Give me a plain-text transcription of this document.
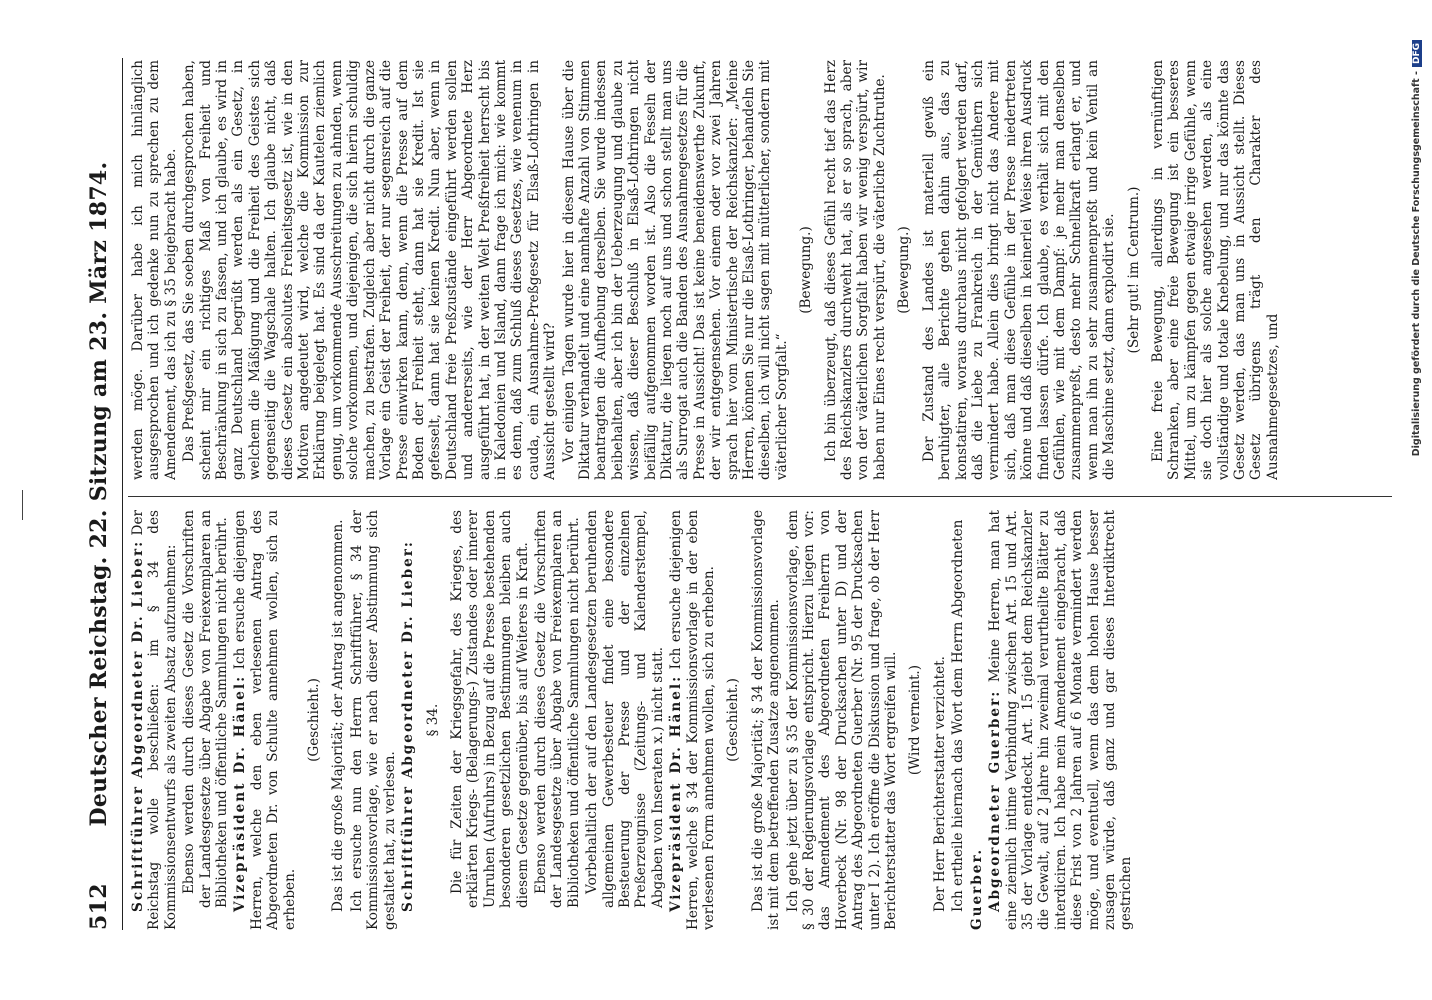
512
Deutscher Reichstag. 22. Sitzung am 23. März 1874. Schriftführer Abgeordneter Dr. Lieber: Der Reichstag wolle beschließen: im § 34 des Kommissionsentwurfs als zweiten Absatz aufzunehmen: Ebenso werden durch dieses Gesetz die Vorschriften der Landesgesetze über Abgabe von Freiexemplaren an Bibliotheken und öffentliche Sammlungen nicht berührt. Vizepräsident Dr. Hänel: Ich ersuche diejenigen Herren, welche den eben verlesenen Antrag des Abgeordneten Dr. von Schulte annehmen wollen, sich zu erheben.

(Geschieht.) Das ist die große Majorität; der Antrag ist angenommen. Ich ersuche nun den Herrn Schriftführer, § 34 der Kommissionsvorlage, wie er nach dieser Abstimmung sich gestaltet hat, zu verlesen. Schriftführer Abgeordneter Dr. Lieber: § 34. Die für Zeiten der Kriegsgefahr, des Krieges, des erklärten Kriegs- (Belagerungs-) Zustandes oder innerer Unruhen (Aufruhrs) in Bezug auf die Presse bestehenden besonderen gesetzlichen Bestimmungen bleiben auch diesem Gesetze gegenüber, bis auf Weiteres in Kraft. Ebenso werden durch dieses Gesetz die Vorschriften der Landesgesetze über Abgabe von Freiexemplaren an Bibliotheken und öffentliche Sammlungen nicht berührt. Vorbehaltlich der auf den Landesgesetzen beruhenden allgemeinen Gewerbesteuer findet eine besondere Besteuerung der Presse und der einzelnen Preßerzeugnisse (Zeitungs- und Kalenderstempel, Abgaben von Inseraten x.) nicht statt. Vizepräsident Dr. Hänel: Ich ersuche diejenigen Herren, welche § 34 der Kommissionsvorlage in der eben verlesenen Form annehmen wollen, sich zu erheben. (Geschieht.) Das ist die große Majorität; § 34 der Kommissionsvorlage ist mit dem betreffenden Zusatze angenommen. Ich gehe jetzt über zu § 35 der Kommissionsvorlage, dem § 30 der Regierungsvorlage entspricht. Hierzu liegen vor: das Amendement des Abgeordneten Freiherrn von Hoverbeck (Nr. 98 der Drucksachen unter D) und der Antrag des Abgeordneten Guerber (Nr. 95 der Drucksachen unter I 2). Ich eröffne die Diskussion und frage, ob der Herr Berichterstatter das Wort ergreifen will. (Wird verneint.) Der Herr Berichterstatter verzichtet. Ich ertheile hiernach das Wort dem Herrn Abgeordneten Guerber. Abgeordneter Guerber: Meine Herren, man hat eine ziemlich intime Verbindung zwischen Art. 15 und Art. 35 der Vorlage entdeckt. Art. 15 giebt dem Reichskanzler die Gewalt, auf 2 Jahre hin zweimal verurtheilte Blätter zu interdiciren. Ich habe mein Amendement eingebracht, daß diese Frist von 2 Jahren auf 6 Monate vermindert werden möge, und eventuell, wenn das dem hohen Hause besser zusagen würde, daß ganz und gar dieses Interdiktrecht gestrichen

werden möge. Darüber habe ich mich hinlänglich ausgesprochen und ich gedenke nun zu sprechen zu dem Amendement, das ich zu § 35 beigebracht habe. Das Preßgesetz, das Sie soeben durchgesprochen haben, scheint mir ein richtiges Maß von Freiheit und Beschränkung in sich zu fassen, und ich glaube, es wird in ganz Deutschland begrüßt werden als ein Gesetz, in welchem die Mäßigung und die Freiheit des Geistes sich gegenseitig die Wagschale halten. Ich glaube nicht, daß dieses Gesetz ein absolutes Freiheitsgesetz ist, wie in den Motiven angedeutet wird, welche die Kommission zur Erklärung beigelegt hat. Es sind da der Kautelen ziemlich genug, um vorkommende Ausschreitungen zu ahnden, wenn solche vorkommen, und diejenigen, die sich hierin schuldig machen, zu bestrafen. Zugleich aber nicht durch die ganze Vorlage ein Geist der Freiheit, der nur segensreich auf die Presse einwirken kann, denn, wenn die Presse auf dem Boden der Freiheit steht, dann hat sie Kredit. Ist sie gefesselt, dann hat sie keinen Kredit. Nun aber, wenn in Deutschland freie Preßzustände eingeführt werden sollen und andererseits, wie der Herr Abgeordnete Herz ausgeführt hat, in der weiten Welt Preßfreiheit herrscht bis in Kaledonien und Island, dann frage ich mich: wie kommt es denn, daß zum Schluß dieses Gesetzes, wie venenum in cauda, ein Ausnahme-Preßgesetz für Elsaß-Lothringen in Aussicht gestellt wird? Vor einigen Tagen wurde hier in diesem Hause über die Diktatur verhandelt und eine namhafte Anzahl von Stimmen beantragten die Aufhebung derselben. Sie wurde indessen beibehalten, aber ich bin der Ueberzeugung und glaube zu wissen, daß dieser Beschluß in Elsaß-Lothringen nicht beifällig aufgenommen worden ist. Also die Fesseln der Diktatur, die liegen noch auf uns und schon stellt man uns als Surrogat auch die Banden des Ausnahmegesetzes für die Presse in Aussicht! Das ist keine beneidenswerthe Zukunft, der wir entgegensehen. Vor einem oder vor zwei Jahren sprach hier vom Ministertische der Reichskanzler: „Meine Herren, können Sie nur die Elsaß-Lothringer, behandeln Sie dieselben, ich will nicht sagen mit mütterlicher, sondern mit väterlicher Sorgfalt.“

(Bewegung.) Ich bin überzeugt, daß dieses Gefühl recht tief das Herz des Reichskanzlers durchweht hat, als er so sprach, aber von der väterlichen Sorgfalt haben wir wenig verspürt, wir haben nur Eines recht verspürt, die väterliche Zuchtruthe. (Bewegung.) Der Zustand des Landes ist materiell gewiß ein beruhigter, alle Berichte gehen dahin aus, das zu konstatiren, woraus durchaus nicht gefolgert werden darf, daß die Liebe zu Frankreich in der Gemüthern sich vermindert habe. Allein dies bringt nicht das Andere mit sich, daß man diese Gefühle in der Presse niedertreten könne und daß dieselben in keinerlei Weise ihren Ausdruck finden lassen dürfe. Ich glaube, es verhält sich mit den Gefühlen, wie mit dem Dampf: je mehr man denselben zusammenpreßt, desto mehr Schnellkraft erlangt er, und wenn man ihn zu sehr zusammenpreßt und kein Ventil an die Maschine setzt, dann explodirt sie. (Sehr gut! im Centrum.) Eine freie Bewegung, allerdings in vernünftigen Schranken, aber eine freie Bewegung ist ein besseres Mittel, um zu kämpfen gegen etwaige irrige Gefühle, wenn sie doch hier als solche angesehen werden, als eine vollständige und totale Knebelung, und nur das könnte das Gesetz werden, das man uns in Aussicht stellt. Dieses Gesetz übrigens trägt den Charakter des Ausnahmegesetzes, und	Digitalisierung gefördert durch die Deutsche Forschungsgemeinschaft -DFG
